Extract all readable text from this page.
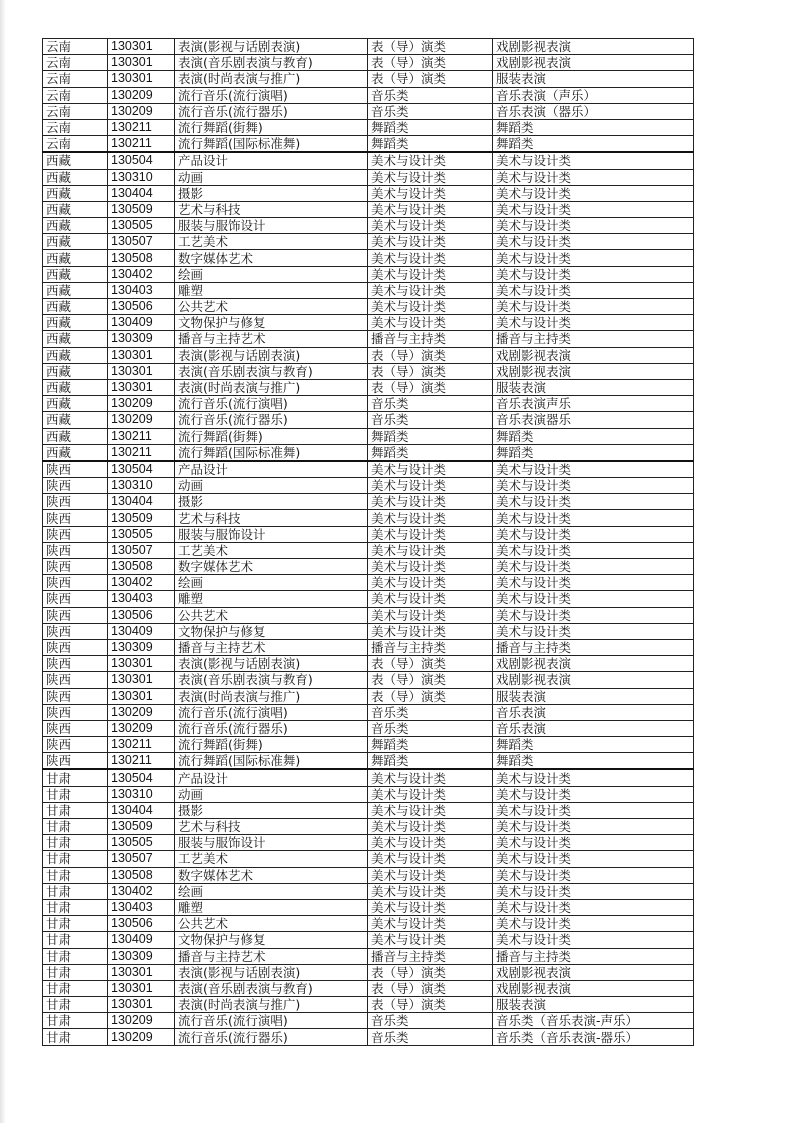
云南	130301	表演(影视与话剧表演)	表（导）演类	戏剧影视表演
云南	130301	表演(音乐剧表演与教育)	表（导）演类	戏剧影视表演
云南	130301	表演(时尚表演与推广)	表（导）演类	服装表演
云南	130209	流行音乐(流行演唱)	音乐类	音乐表演（声乐）
云南	130209	流行音乐(流行器乐)	音乐类	音乐表演（器乐）
云南	130211	流行舞蹈(街舞)	舞蹈类	舞蹈类
云南	130211	流行舞蹈(国际标准舞)	舞蹈类	舞蹈类
西藏	130504	产品设计	美术与设计类	美术与设计类
西藏	130310	动画	美术与设计类	美术与设计类
西藏	130404	摄影	美术与设计类	美术与设计类
西藏	130509	艺术与科技	美术与设计类	美术与设计类
西藏	130505	服装与服饰设计	美术与设计类	美术与设计类
西藏	130507	工艺美术	美术与设计类	美术与设计类
西藏	130508	数字媒体艺术	美术与设计类	美术与设计类
西藏	130402	绘画	美术与设计类	美术与设计类
西藏	130403	雕塑	美术与设计类	美术与设计类
西藏	130506	公共艺术	美术与设计类	美术与设计类
西藏	130409	文物保护与修复	美术与设计类	美术与设计类
西藏	130309	播音与主持艺术	播音与主持类	播音与主持类
西藏	130301	表演(影视与话剧表演)	表（导）演类	戏剧影视表演
西藏	130301	表演(音乐剧表演与教育)	表（导）演类	戏剧影视表演
西藏	130301	表演(时尚表演与推广)	表（导）演类	服装表演
西藏	130209	流行音乐(流行演唱)	音乐类	音乐表演声乐
西藏	130209	流行音乐(流行器乐)	音乐类	音乐表演器乐
西藏	130211	流行舞蹈(街舞)	舞蹈类	舞蹈类
西藏	130211	流行舞蹈(国际标准舞)	舞蹈类	舞蹈类
陕西	130504	产品设计	美术与设计类	美术与设计类
陕西	130310	动画	美术与设计类	美术与设计类
陕西	130404	摄影	美术与设计类	美术与设计类
陕西	130509	艺术与科技	美术与设计类	美术与设计类
陕西	130505	服装与服饰设计	美术与设计类	美术与设计类
陕西	130507	工艺美术	美术与设计类	美术与设计类
陕西	130508	数字媒体艺术	美术与设计类	美术与设计类
陕西	130402	绘画	美术与设计类	美术与设计类
陕西	130403	雕塑	美术与设计类	美术与设计类
陕西	130506	公共艺术	美术与设计类	美术与设计类
陕西	130409	文物保护与修复	美术与设计类	美术与设计类
陕西	130309	播音与主持艺术	播音与主持类	播音与主持类
陕西	130301	表演(影视与话剧表演)	表（导）演类	戏剧影视表演
陕西	130301	表演(音乐剧表演与教育)	表（导）演类	戏剧影视表演
陕西	130301	表演(时尚表演与推广)	表（导）演类	服装表演
陕西	130209	流行音乐(流行演唱)	音乐类	音乐表演
陕西	130209	流行音乐(流行器乐)	音乐类	音乐表演
陕西	130211	流行舞蹈(街舞)	舞蹈类	舞蹈类
陕西	130211	流行舞蹈(国际标准舞)	舞蹈类	舞蹈类
甘肃	130504	产品设计	美术与设计类	美术与设计类
甘肃	130310	动画	美术与设计类	美术与设计类
甘肃	130404	摄影	美术与设计类	美术与设计类
甘肃	130509	艺术与科技	美术与设计类	美术与设计类
甘肃	130505	服装与服饰设计	美术与设计类	美术与设计类
甘肃	130507	工艺美术	美术与设计类	美术与设计类
甘肃	130508	数字媒体艺术	美术与设计类	美术与设计类
甘肃	130402	绘画	美术与设计类	美术与设计类
甘肃	130403	雕塑	美术与设计类	美术与设计类
甘肃	130506	公共艺术	美术与设计类	美术与设计类
甘肃	130409	文物保护与修复	美术与设计类	美术与设计类
甘肃	130309	播音与主持艺术	播音与主持类	播音与主持类
甘肃	130301	表演(影视与话剧表演)	表（导）演类	戏剧影视表演
甘肃	130301	表演(音乐剧表演与教育)	表（导）演类	戏剧影视表演
甘肃	130301	表演(时尚表演与推广)	表（导）演类	服装表演
甘肃	130209	流行音乐(流行演唱)	音乐类	音乐类（音乐表演-声乐）
甘肃	130209	流行音乐(流行器乐)	音乐类	音乐类（音乐表演-器乐）
